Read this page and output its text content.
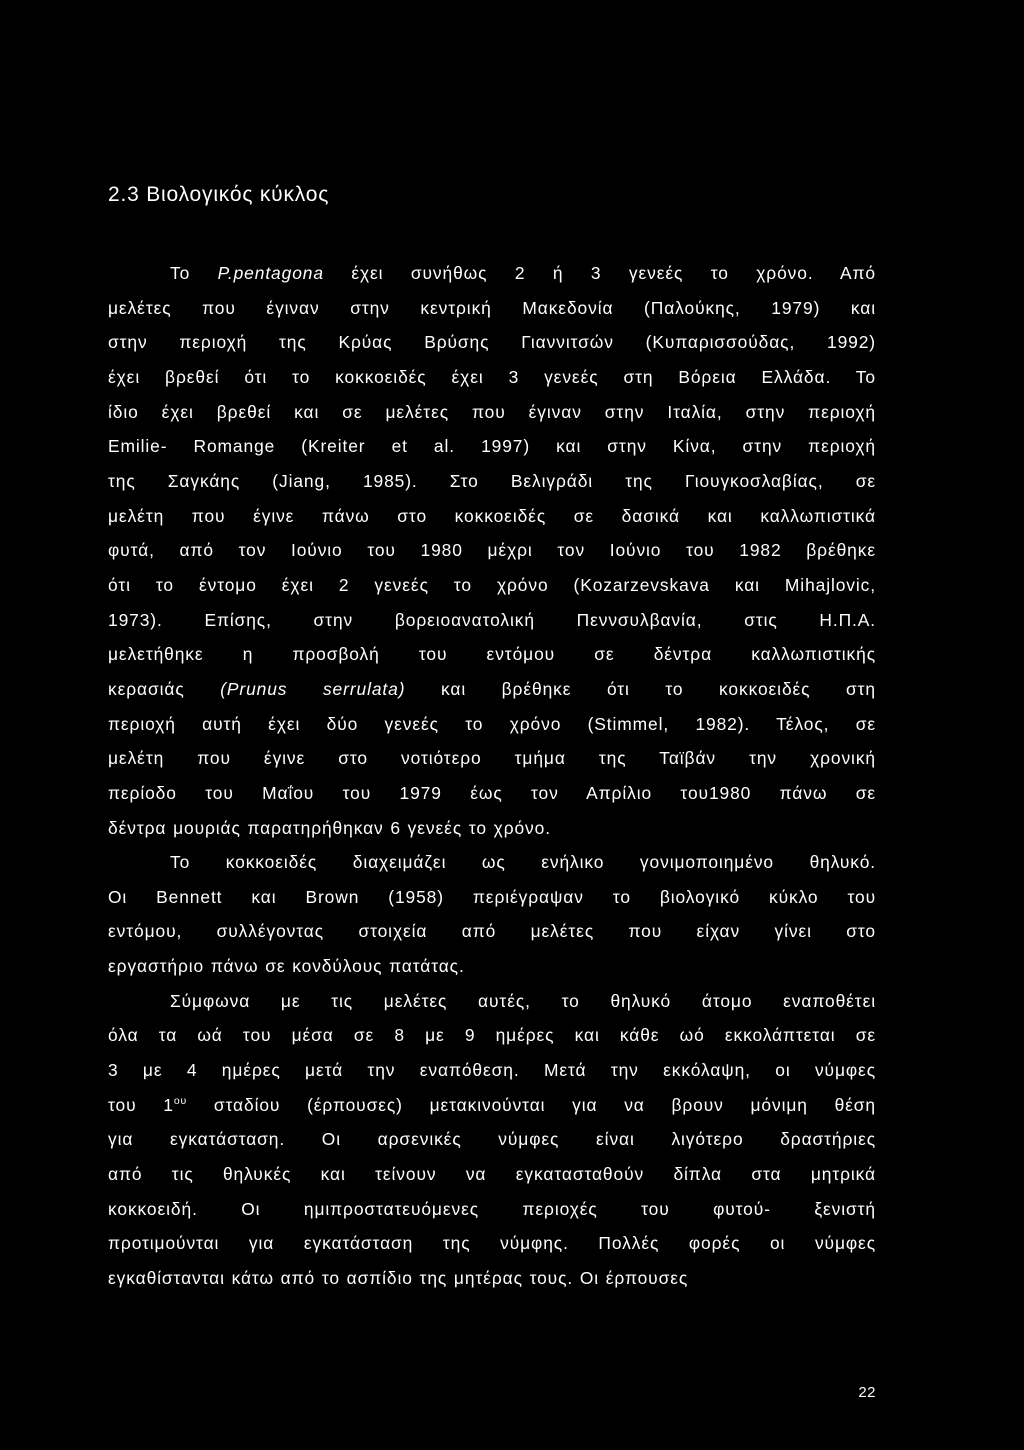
2.3 Βιολογικός κύκλος

Το P.pentagona έχει συνήθως 2 ή 3 γενεές το χρόνο. Από
μελέτες που έγιναν στην κεντρική Μακεδονία (Παλούκης, 1979) και
στην περιοχή της Κρύας Βρύσης Γιαννιτσών (Κυπαρισσούδας, 1992)
έχει βρεθεί ότι το κοκκοειδές έχει 3 γενεές στη Βόρεια Ελλάδα. Το
ίδιο έχει βρεθεί και σε μελέτες που έγιναν στην Ιταλία, στην περιοχή
Emilie- Romange (Kreiter et al. 1997) και στην Κίνα, στην περιοχή
της Σαγκάης (Jiang, 1985). Στο Βελιγράδι της Γιουγκοσλαβίας, σε
μελέτη που έγινε πάνω στο κοκκοειδές σε δασικά και καλλωπιστικά
φυτά, από τον Ιούνιο του 1980 μέχρι τον Ιούνιο του 1982 βρέθηκε
ότι το έντομο έχει 2 γενεές το χρόνο (Kozarzevskava και Mihajlovic,
1973). Επίσης, στην βορειοανατολική Πεννσυλβανία, στις Η.Π.Α.
μελετήθηκε η προσβολή του εντόμου σε δέντρα καλλωπιστικής
κερασιάς (Prunus serrulata) και βρέθηκε ότι το κοκκοειδές στη
περιοχή αυτή έχει δύο γενεές το χρόνο (Stimmel, 1982). Τέλος, σε
μελέτη που έγινε στο νοτιότερο τμήμα της Ταϊβάν την χρονική
περίοδο του Μαΐου του 1979 έως τον Απρίλιο του1980 πάνω σε
δέντρα μουριάς παρατηρήθηκαν 6 γενεές το χρόνο.

Το κοκκοειδές διαχειμάζει ως ενήλικο γονιμοποιημένο θηλυκό.
Οι Bennett και Brown (1958) περιέγραψαν το βιολογικό κύκλο του
εντόμου, συλλέγοντας στοιχεία από μελέτες που είχαν γίνει στο
εργαστήριο πάνω σε κονδύλους πατάτας.

Σύμφωνα με τις μελέτες αυτές, το θηλυκό άτομο εναποθέτει
όλα τα ωά του μέσα σε 8 με 9 ημέρες και κάθε ωό εκκολάπτεται σε
3 με 4 ημέρες μετά την εναπόθεση. Μετά την εκκόλαψη, οι νύμφες
του $1^{o\upsilon}$ σταδίου (έρπουσες) μετακινούνται για να βρουν μόνιμη θέση
για εγκατάσταση. Οι αρσενικές νύμφες είναι λιγότερο δραστήριες
από τις θηλυκές και τείνουν να εγκατασταθούν δίπλα στα μητρικά
κοκκοειδή. Οι ημιπροστατευόμενες περιοχές του φυτού- ξενιστή
προτιμούνται για εγκατάσταση της νύμφης. Πολλές φορές οι νύμφες
εγκαθίστανται κάτω από το ασπίδιο της μητέρας τους. Οι έρπουσες

22
